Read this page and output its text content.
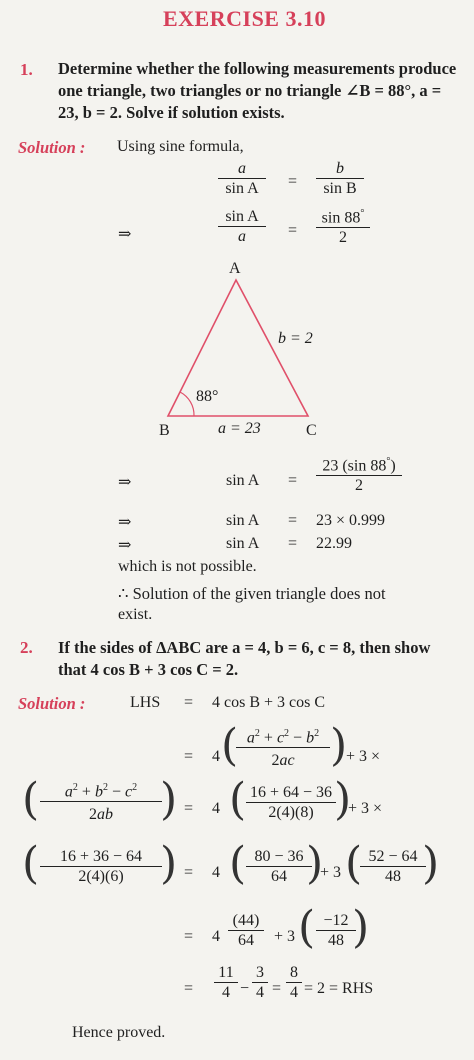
EXERCISE 3.10
1. Determine whether the following measurements produce one triangle, two triangles or no triangle ∠B = 88°, a = 23, b = 2. Solve if solution exists.
Solution : Using sine formula,
$\frac{a}{\text{sin A}} = \frac{b}{\text{sin B}}$
⇒	$\frac{\text{sin A}}{a} = \frac{\sin 88^\circ}{2}$
A
B	C
88°
b = 2
a = 23
⇒	$\sin A = \frac{23 (\sin 88^\circ)}{2}$
⇒	sin A = 23 × 0.999
⇒	sin A = 22.99
which is not possible.
∴ Solution of the given triangle does not
exist.
2. If the sides of ΔABC are a = 4, b = 6, c = 8, then show that 4 cos B + 3 cos C = 2.
Solution :	LHS = 4 cos B + 3 cos C
= 4 (
$\frac{a^2 + c^2 - b^2}{2ac}$ )
+ 3 ×
( $\frac{a^2 + b^2 - c^2}{2ab}$
) = 4 ( $\frac{16 + 64 - 36}{2(4)(8)}$
)
+ 3 ×
( $\frac{16 + 36 - 64}{2(4)(6)}$
) = 4 ( $\frac{80 - 36}{64}$
)
+ 3 (
$\frac{52 - 64}{48}$
)
= $4 \frac{(44)}{64} + 3$ ( $\frac{-12}{48}$
)
= $\frac{11}{4} - \frac{3}{4} = \frac{8}{4} = 2$ = RHS
Hence proved.
